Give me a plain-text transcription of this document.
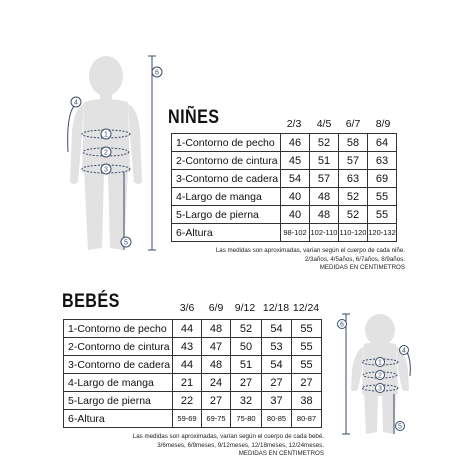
1
2
3
4
5
6
NIÑES	2/3	4/5	6/7	8/9
1-Contorno de pecho	46	52	58	64
2-Contorno de cintura	45	51	57	63
3-Contorno de cadera	54	57	63	69
4-Largo de manga	40	48	52	55
5-Largo de pierna	40	48	52	55
6-Altura	98-102	102-110	110-120	120-132
Las medidas son aproximadas, varían según el cuerpo de cada niñe.
2/3años, 4/5años, 6/7años, 8/9años.
MEDIDAS EN CENTIMETROS
BEBÉS	3/6	6/9	9/12 12/18 12/24
1-Contorno de pecho	44	48	52	54	55
2-Contorno de cintura	43	47	50	53	55
3-Contorno de cadera	44	48	51	54	55
4-Largo de manga	21	24	27	27	27
5-Largo de pierna	22	27	32	37	38
6-Altura	59-69	69-75	75-80	80-85	80-87
Las medidas son aproximadas, varían según el cuerpo de cada bebé.
3/6meses, 6/9meses, 9/12meses, 12/18meses, 12/24meses.
MEDIDAS EN CENTIMETROS
1
2
3
4
5
6
